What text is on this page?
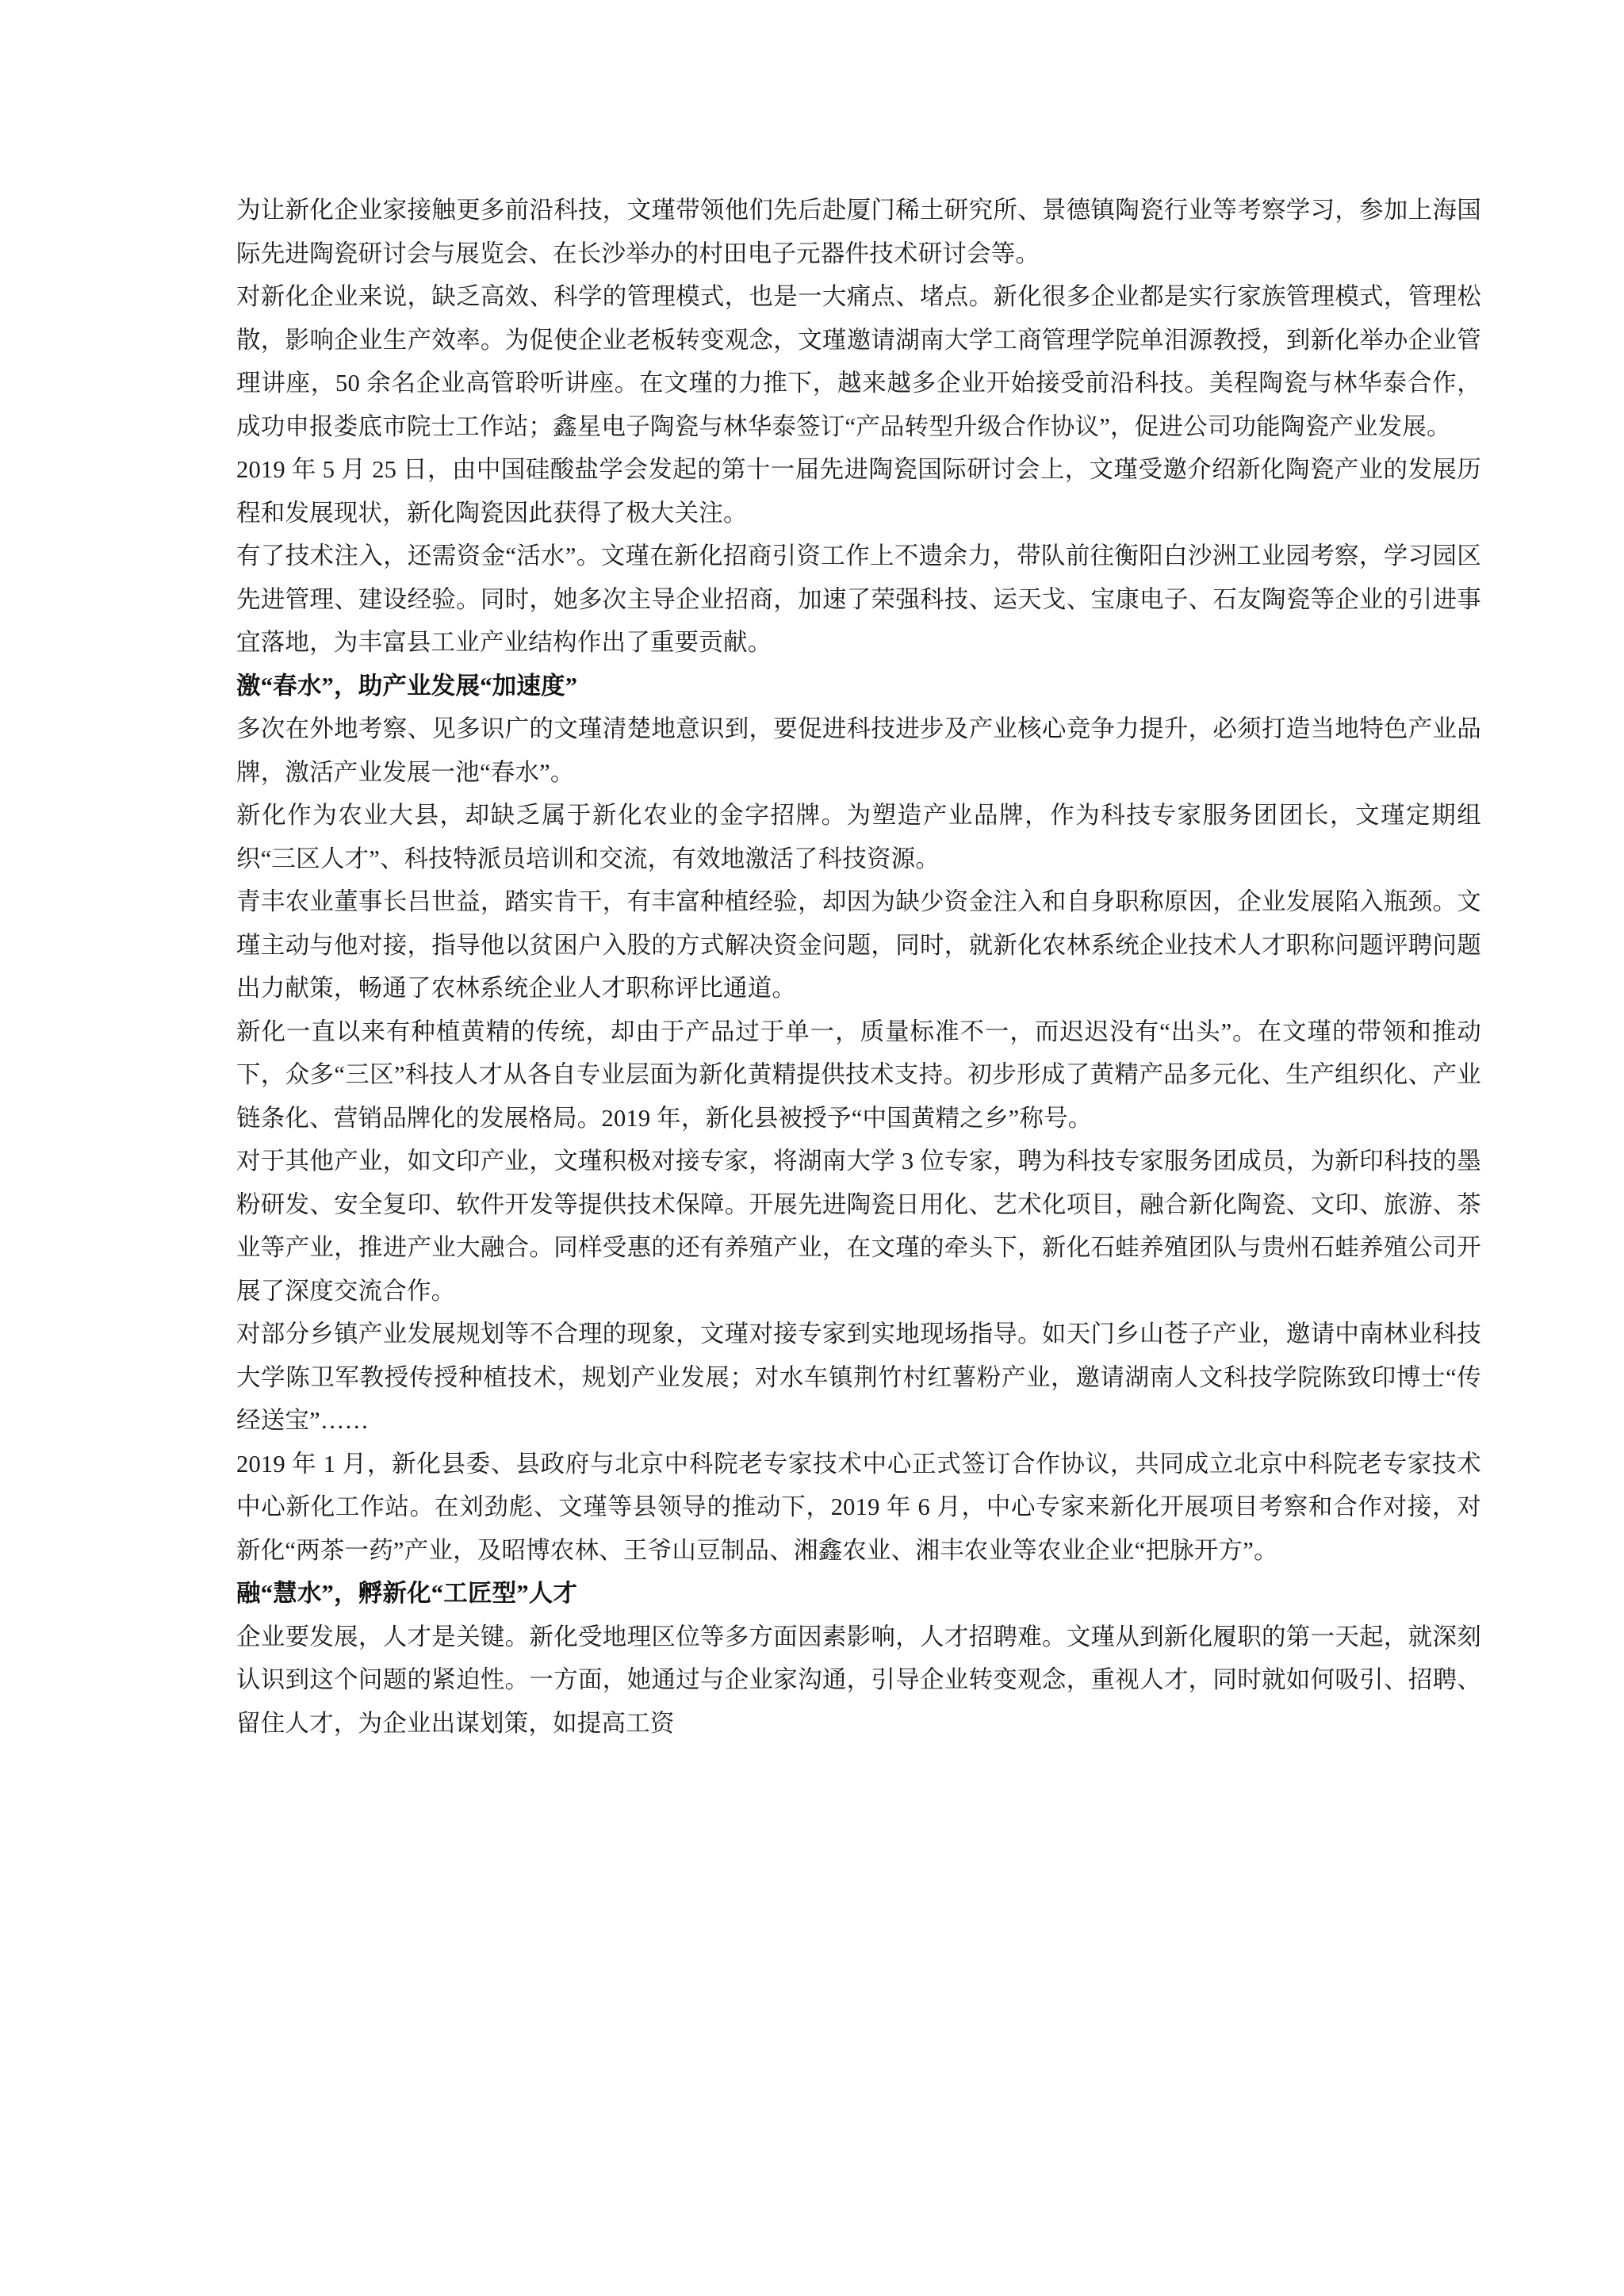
为让新化企业家接触更多前沿科技，文瑾带领他们先后赴厦门稀土研究所、景德镇陶瓷行业等考察学习，参加上海国际先进陶瓷研讨会与展览会、在长沙举办的村田电子元器件技术研讨会等。

对新化企业来说，缺乏高效、科学的管理模式，也是一大痛点、堵点。新化很多企业都是实行家族管理模式，管理松散，影响企业生产效率。为促使企业老板转变观念，文瑾邀请湖南大学工商管理学院单泪源教授，到新化举办企业管理讲座，50 余名企业高管聆听讲座。在文瑾的力推下，越来越多企业开始接受前沿科技。美程陶瓷与林华泰合作，成功申报娄底市院士工作站；鑫星电子陶瓷与林华泰签订“产品转型升级合作协议”，促进公司功能陶瓷产业发展。

2019 年 5 月 25 日，由中国硅酸盐学会发起的第十一届先进陶瓷国际研讨会上，文瑾受邀介绍新化陶瓷产业的发展历程和发展现状，新化陶瓷因此获得了极大关注。

有了技术注入，还需资金“活水”。文瑾在新化招商引资工作上不遗余力，带队前往衡阳白沙洲工业园考察，学习园区先进管理、建设经验。同时，她多次主导企业招商，加速了荣强科技、运天戈、宝康电子、石友陶瓷等企业的引进事宜落地，为丰富县工业产业结构作出了重要贡献。

激“春水”，助产业发展“加速度”

多次在外地考察、见多识广的文瑾清楚地意识到，要促进科技进步及产业核心竞争力提升，必须打造当地特色产业品牌，激活产业发展一池“春水”。

新化作为农业大县，却缺乏属于新化农业的金字招牌。为塑造产业品牌，作为科技专家服务团团长，文瑾定期组织“三区人才”、科技特派员培训和交流，有效地激活了科技资源。

青丰农业董事长吕世益，踏实肯干，有丰富种植经验，却因为缺少资金注入和自身职称原因，企业发展陷入瓶颈。文瑾主动与他对接，指导他以贫困户入股的方式解决资金问题，同时，就新化农林系统企业技术人才职称问题评聘问题出力献策，畅通了农林系统企业人才职称评比通道。

新化一直以来有种植黄精的传统，却由于产品过于单一，质量标准不一，而迟迟没有“出头”。在文瑾的带领和推动下，众多“三区”科技人才从各自专业层面为新化黄精提供技术支持。初步形成了黄精产品多元化、生产组织化、产业链条化、营销品牌化的发展格局。2019 年，新化县被授予“中国黄精之乡”称号。

对于其他产业，如文印产业，文瑾积极对接专家，将湖南大学 3 位专家，聘为科技专家服务团成员，为新印科技的墨粉研发、安全复印、软件开发等提供技术保障。开展先进陶瓷日用化、艺术化项目，融合新化陶瓷、文印、旅游、茶业等产业，推进产业大融合。同样受惠的还有养殖产业，在文瑾的牵头下，新化石蛙养殖团队与贵州石蛙养殖公司开展了深度交流合作。

对部分乡镇产业发展规划等不合理的现象，文瑾对接专家到实地现场指导。如天门乡山苍子产业，邀请中南林业科技大学陈卫军教授传授种植技术，规划产业发展；对水车镇荆竹村红薯粉产业，邀请湖南人文科技学院陈致印博士“传经送宝”……

2019 年 1 月，新化县委、县政府与北京中科院老专家技术中心正式签订合作协议，共同成立北京中科院老专家技术中心新化工作站。在刘劲彪、文瑾等县领导的推动下，2019 年 6 月，中心专家来新化开展项目考察和合作对接，对新化“两茶一药”产业，及昭博农林、王爷山豆制品、湘鑫农业、湘丰农业等农业企业“把脉开方”。

融“慧水”，孵新化“工匠型”人才

企业要发展，人才是关键。新化受地理区位等多方面因素影响，人才招聘难。文瑾从到新化履职的第一天起，就深刻认识到这个问题的紧迫性。一方面，她通过与企业家沟通，引导企业转变观念，重视人才，同时就如何吸引、招聘、留住人才，为企业出谋划策，如提高工资
